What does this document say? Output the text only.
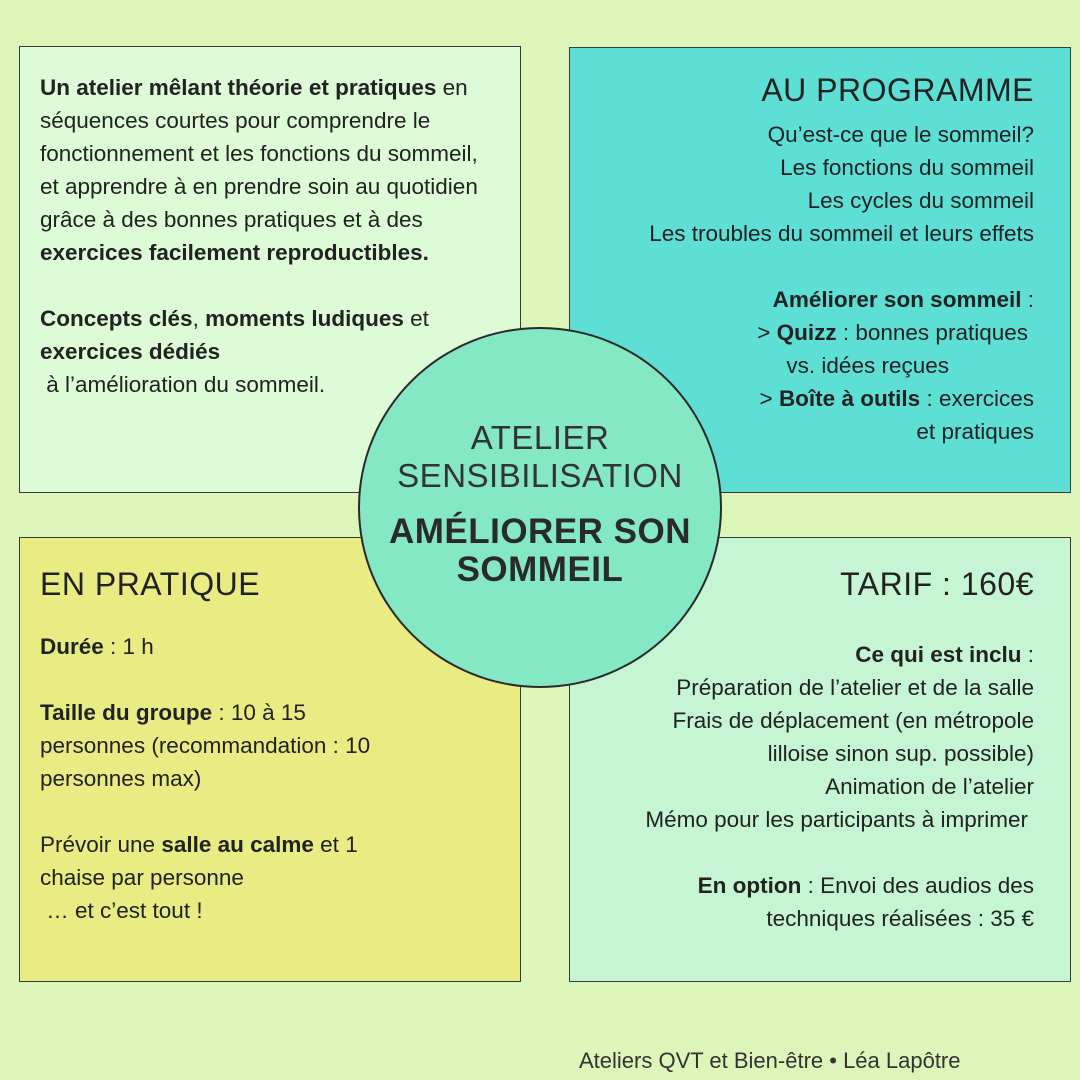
Un atelier mêlant théorie et pratiques en séquences courtes pour comprendre le fonctionnement et les fonctions du sommeil, et apprendre à en prendre soin au quotidien grâce à des bonnes pratiques et à des exercices facilement reproductibles.

Concepts clés, moments ludiques et exercices dédiés
à l’amélioration du sommeil.

AU PROGRAMME

Qu’est-ce que le sommeil?

Les fonctions du sommeil

Les cycles du sommeil

Les troubles du sommeil et leurs effets

Améliorer son sommeil :

> Quizz : bonnes pratiques

vs. idées reçues

> Boîte à outils : exercices

et pratiques

EN PRATIQUE

Durée : 1 h

Taille du groupe : 10 à 15

personnes (recommandation : 10

personnes max)

Prévoir une salle au calme et 1

chaise par personne

… et c’est tout !

TARIF : 160€

Ce qui est inclu :

Préparation de l’atelier et de la salle

Frais de déplacement (en métropole

lilloise sinon sup. possible)

Animation de l’atelier

Mémo pour les participants à imprimer

En option : Envoi des audios des

techniques réalisées : 35 €

ATELIER
SENSIBILISATION
AMÉLIORER SON
SOMMEIL
Ateliers QVT et Bien-être • Léa Lapôtre
